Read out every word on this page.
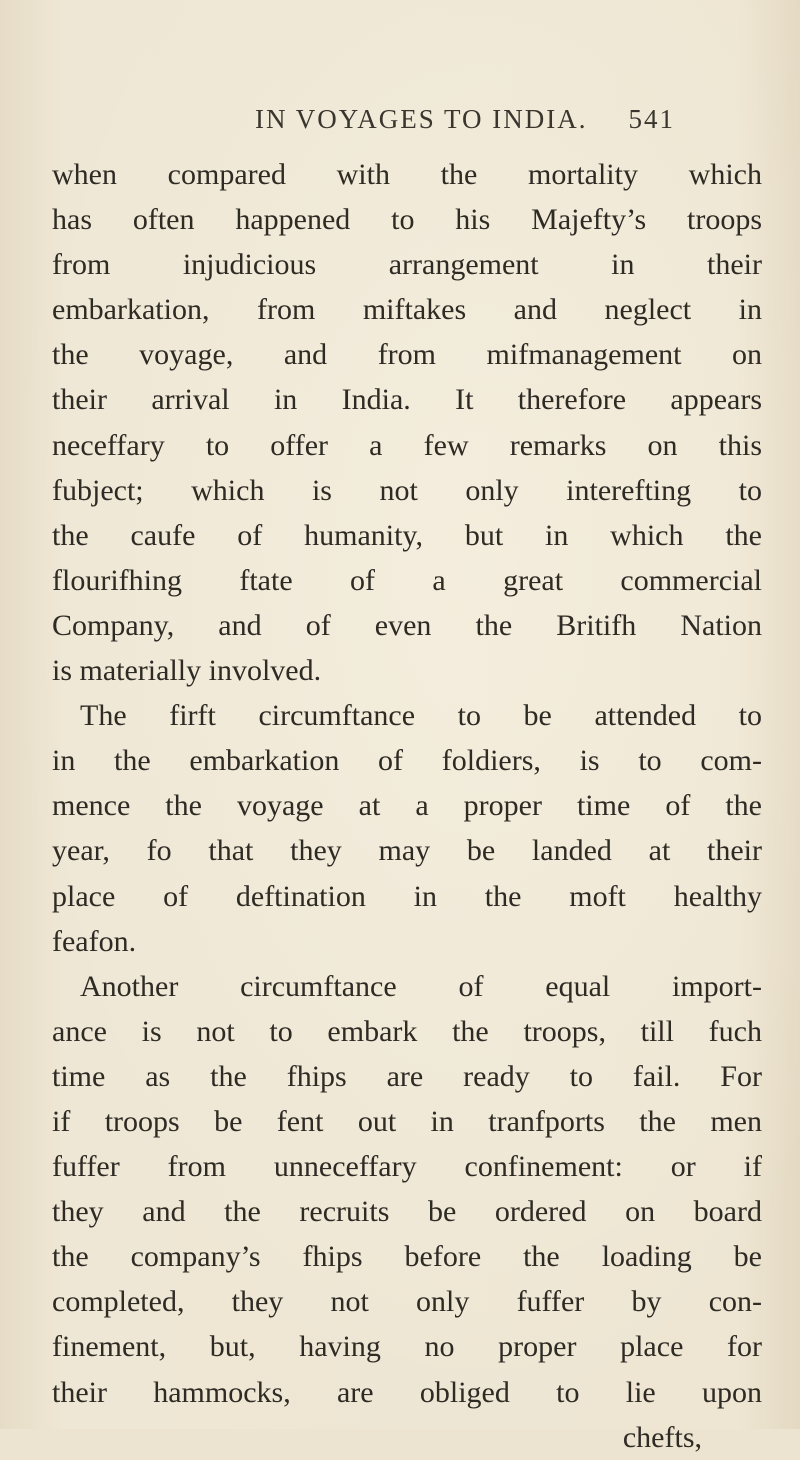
IN VOYAGES TO INDIA. 541
when compared with the mortality which
has often happened to his Majefty’s troops
from injudicious arrangement in their
embarkation, from miftakes and neglect in
the voyage, and from mifmanagement on
their arrival in India. It therefore appears
neceffary to offer a few remarks on this
fubject; which is not only interefting to
the caufe of humanity, but in which the
flourifhing ftate of a great commercial
Company, and of even the Britifh Nation
is materially involved.
The firft circumftance to be attended to
in the embarkation of foldiers, is to com-
mence the voyage at a proper time of the
year, fo that they may be landed at their
place of deftination in the moft healthy
feafon.
Another circumftance of equal import-
ance is not to embark the troops, till fuch
time as the fhips are ready to fail. For
if troops be fent out in tranfports the men
fuffer from unneceffary confinement: or if
they and the recruits be ordered on board
the company’s fhips before the loading be
completed, they not only fuffer by con-
finement, but, having no proper place for
their hammocks, are obliged to lie upon
chefts,
